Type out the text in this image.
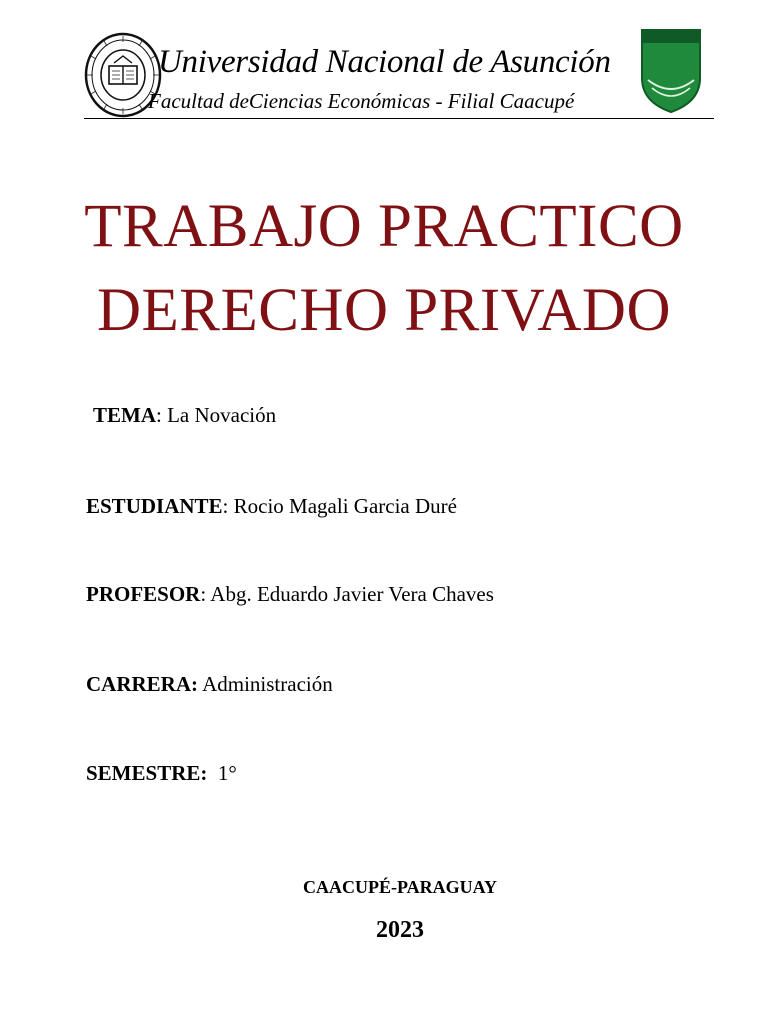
Universidad Nacional de Asunción
Facultad deCiencias Económicas - Filial Caacupé
TRABAJO PRACTICO
DERECHO PRIVADO
TEMA: La Novación
ESTUDIANTE: Rocio Magali Garcia Duré
PROFESOR: Abg. Eduardo Javier Vera Chaves
CARRERA: Administración
SEMESTRE: 1°
CAACUPÉ-PARAGUAY
2023
